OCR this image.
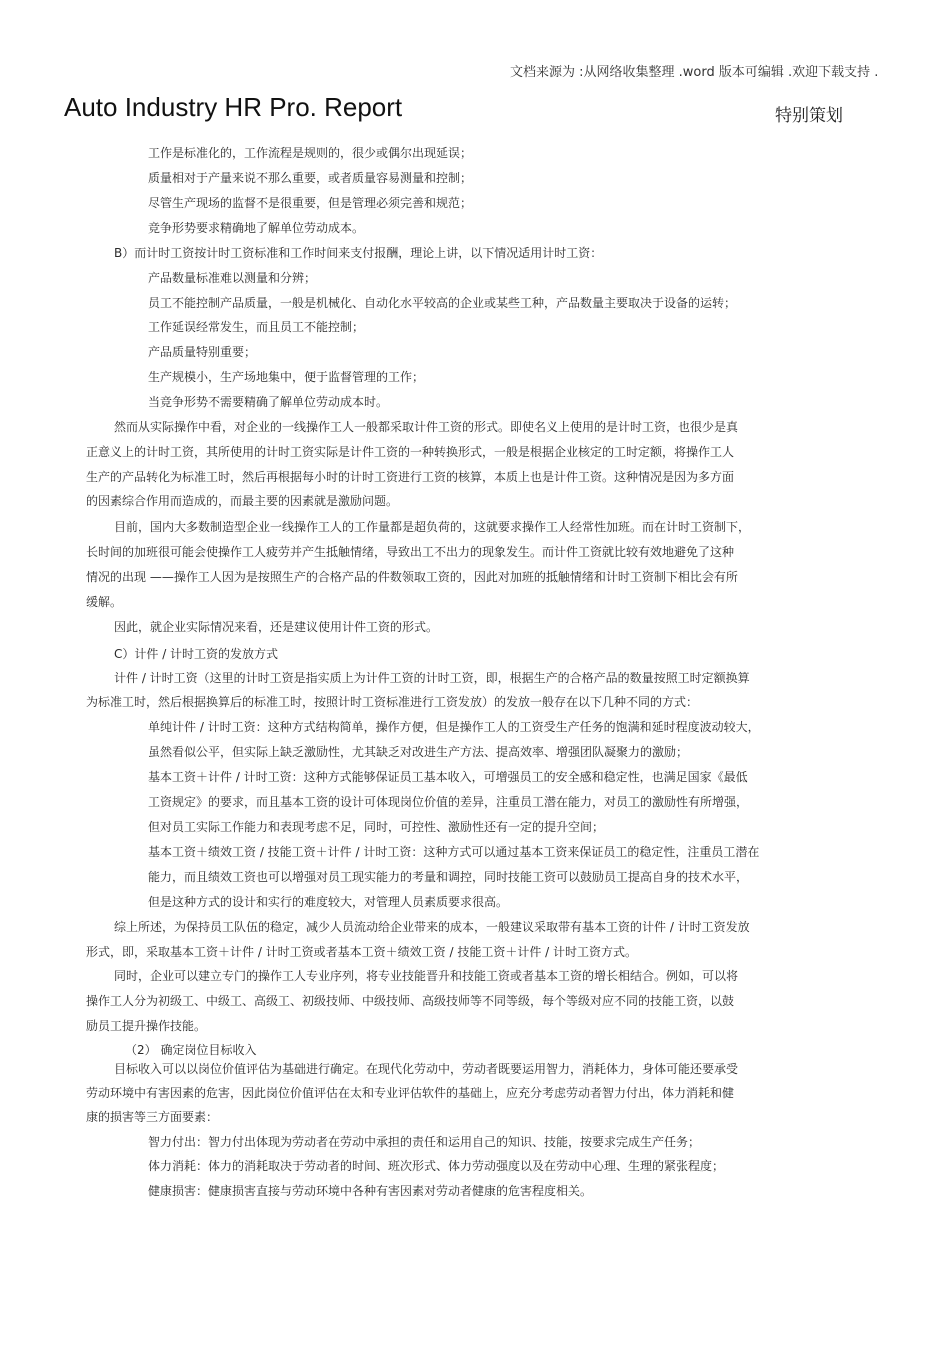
文档来源为 :从网络收集整理 .word 版本可编辑 .欢迎下载支持 .
Auto Industry HR Pro. Report	特别策划
工作是标准化的，工作流程是规则的，很少或偶尔出现延误；
质量相对于产量来说不那么重要，或者质量容易测量和控制；
尽管生产现场的监督不是很重要，但是管理必须完善和规范；
竞争形势要求精确地了解单位劳动成本。
B）而计时工资按计时工资标准和工作时间来支付报酬，理论上讲，以下情况适用计时工资：
产品数量标准难以测量和分辨；
员工不能控制产品质量，一般是机械化、自动化水平较高的企业或某些工种，产品数量主要取决于设备的运转；
工作延误经常发生，而且员工不能控制；
产品质量特别重要；
生产规模小，生产场地集中，便于监督管理的工作；
当竞争形势不需要精确了解单位劳动成本时。
然而从实际操作中看，对企业的一线操作工人一般都采取计件工资的形式。即使名义上使用的是计时工资，也很少是真
正意义上的计时工资，其所使用的计时工资实际是计件工资的一种转换形式，一般是根据企业核定的工时定额，将操作工人
生产的产品转化为标准工时，然后再根据每小时的计时工资进行工资的核算，本质上也是计件工资。这种情况是因为多方面
的因素综合作用而造成的，而最主要的因素就是激励问题。
目前，国内大多数制造型企业一线操作工人的工作量都是超负荷的，这就要求操作工人经常性加班。而在计时工资制下，
长时间的加班很可能会使操作工人疲劳并产生抵触情绪，导致出工不出力的现象发生。而计件工资就比较有效地避免了这种
情况的出现 ——操作工人因为是按照生产的合格产品的件数领取工资的，因此对加班的抵触情绪和计时工资制下相比会有所
缓解。
因此，就企业实际情况来看，还是建议使用计件工资的形式。
C）计件 / 计时工资的发放方式
计件 / 计时工资（这里的计时工资是指实质上为计件工资的计时工资，即，根据生产的合格产品的数量按照工时定额换算
为标准工时，然后根据换算后的标准工时，按照计时工资标准进行工资发放）的发放一般存在以下几种不同的方式：
单纯计件 / 计时工资：这种方式结构简单，操作方便，但是操作工人的工资受生产任务的饱满和延时程度波动较大，
虽然看似公平，但实际上缺乏激励性，尤其缺乏对改进生产方法、提高效率、增强团队凝聚力的激励；
基本工资＋计件 / 计时工资：这种方式能够保证员工基本收入，可增强员工的安全感和稳定性，也满足国家《最低
工资规定》的要求，而且基本工资的设计可体现岗位价值的差异，注重员工潜在能力，对员工的激励性有所增强，
但对员工实际工作能力和表现考虑不足，同时，可控性、激励性还有一定的提升空间；
基本工资＋绩效工资 / 技能工资＋计件 / 计时工资：这种方式可以通过基本工资来保证员工的稳定性，注重员工潜在
能力，而且绩效工资也可以增强对员工现实能力的考量和调控，同时技能工资可以鼓励员工提高自身的技术水平，
但是这种方式的设计和实行的难度较大，对管理人员素质要求很高。
综上所述，为保持员工队伍的稳定，减少人员流动给企业带来的成本，一般建议采取带有基本工资的计件 / 计时工资发放
形式，即，采取基本工资＋计件 / 计时工资或者基本工资＋绩效工资 / 技能工资＋计件 / 计时工资方式。
同时，企业可以建立专门的操作工人专业序列，将专业技能晋升和技能工资或者基本工资的增长相结合。例如，可以将
操作工人分为初级工、中级工、高级工、初级技师、中级技师、高级技师等不同等级，每个等级对应不同的技能工资，以鼓
励员工提升操作技能。
（2） 确定岗位目标收入
目标收入可以以岗位价值评估为基础进行确定。在现代化劳动中，劳动者既要运用智力，消耗体力，身体可能还要承受
劳动环境中有害因素的危害，因此岗位价值评估在太和专业评估软件的基础上，应充分考虑劳动者智力付出，体力消耗和健
康的损害等三方面要素：
智力付出：智力付出体现为劳动者在劳动中承担的责任和运用自己的知识、技能，按要求完成生产任务；
体力消耗：体力的消耗取决于劳动者的时间、班次形式、体力劳动强度以及在劳动中心理、生理的紧张程度；
健康损害：健康损害直接与劳动环境中各种有害因素对劳动者健康的危害程度相关。
